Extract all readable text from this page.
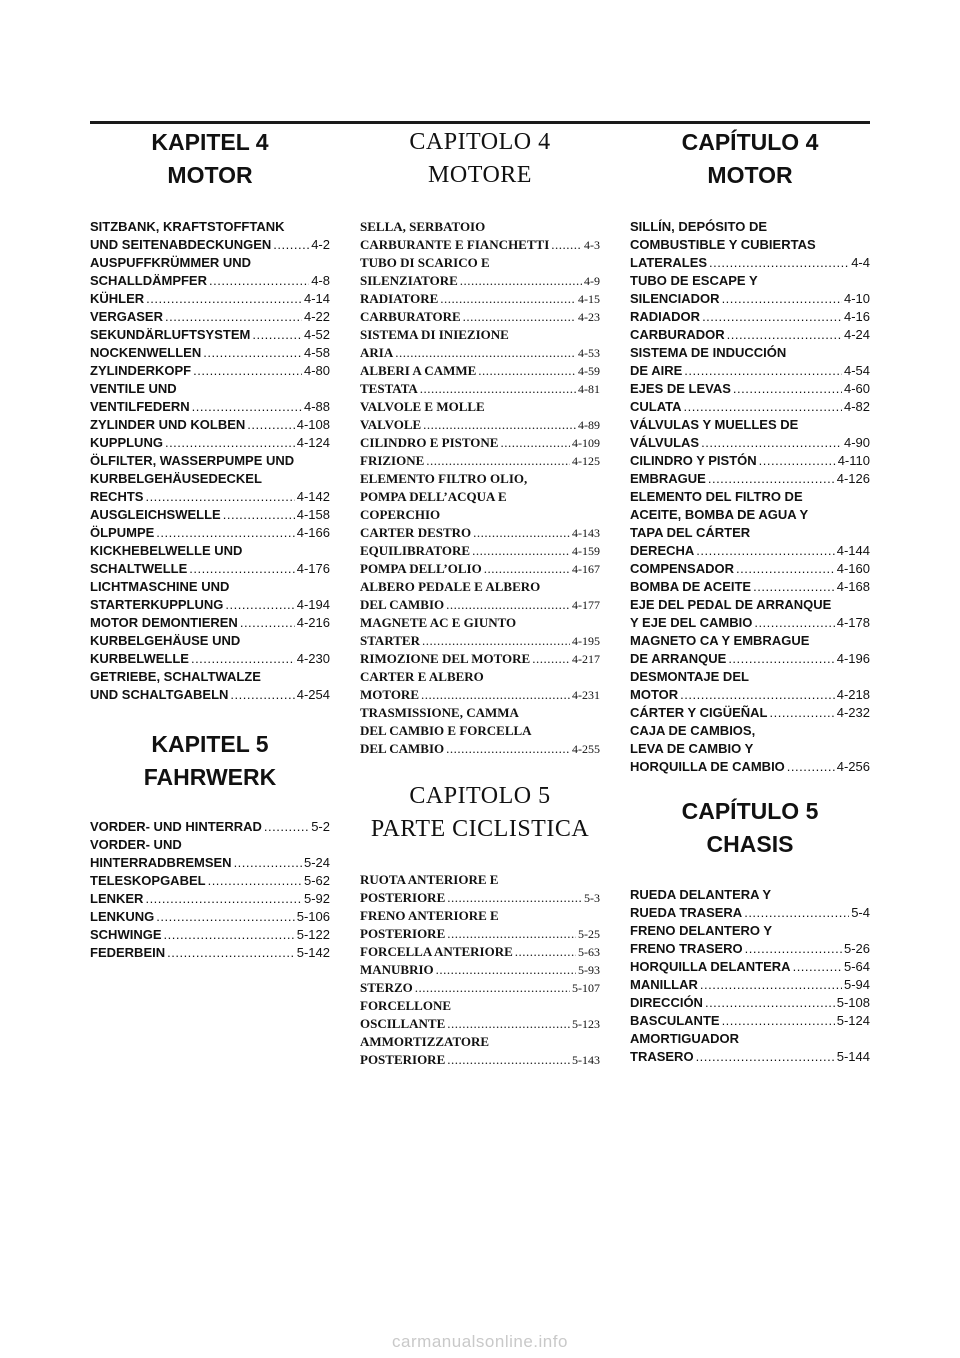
KAPITEL 4
MOTOR
SITZBANK, KRAFTSTOFFTANK
UND SEITENABDECKUNGEN .....	4-2
AUSPUFFKRÜMMER UND
SCHALLDÄMPFER .....	4-8
KÜHLER .....	4-14
VERGASER .....	4-22
SEKUNDÄRLUFTSYSTEM .....	4-52
NOCKENWELLEN .....	4-58
ZYLINDERKOPF .....	4-80
VENTILE UND
VENTILFEDERN .....	4-88
ZYLINDER UND KOLBEN .....	4-108
KUPPLUNG .....	4-124
ÖLFILTER, WASSERPUMPE UND
KURBELGEHÄUSEDECKEL
RECHTS .....	4-142
AUSGLEICHSWELLE .....	4-158
ÖLPUMPE .....	4-166
KICKHEBELWELLE UND
SCHALTWELLE .....	4-176
LICHTMASCHINE UND
STARTERKUPPLUNG .....	4-194
MOTOR DEMONTIEREN .....	4-216
KURBELGEHÄUSE UND
KURBELWELLE .....	4-230
GETRIEBE, SCHALTWALZE
UND SCHALTGABELN .....	4-254
KAPITEL 5
FAHRWERK
VORDER- UND HINTERRAD .....	5-2
VORDER- UND
HINTERRADBREMSEN .....	5-24
TELESKOPGABEL .....	5-62
LENKER .....	5-92
LENKUNG .....	5-106
SCHWINGE .....	5-122
FEDERBEIN .....	5-142
CAPITOLO 4
MOTORE
SELLA, SERBATOIO
CARBURANTE E FIANCHETTI .....	4-3
TUBO DI SCARICO E
SILENZIATORE .....	4-9
RADIATORE .....	4-15
CARBURATORE .....	4-23
SISTEMA DI INIEZIONE
ARIA .....	4-53
ALBERI A CAMME .....	4-59
TESTATA .....	4-81
VALVOLE E MOLLE
VALVOLE .....	4-89
CILINDRO E PISTONE .....	4-109
FRIZIONE .....	4-125
ELEMENTO FILTRO OLIO,
POMPA DELL’ACQUA E
COPERCHIO
CARTER DESTRO .....	4-143
EQUILIBRATORE .....	4-159
POMPA DELL’OLIO .....	4-167
ALBERO PEDALE E ALBERO
DEL CAMBIO .....	4-177
MAGNETE AC E GIUNTO
STARTER .....	4-195
RIMOZIONE DEL MOTORE .....	4-217
CARTER E ALBERO
MOTORE .....	4-231
TRASMISSIONE, CAMMA
DEL CAMBIO E FORCELLA
DEL CAMBIO .....	4-255
CAPITOLO 5
PARTE CICLISTICA
RUOTA ANTERIORE E
POSTERIORE .....	5-3
FRENO ANTERIORE E
POSTERIORE .....	5-25
FORCELLA ANTERIORE .....	5-63
MANUBRIO .....	5-93
STERZO .....	5-107
FORCELLONE
OSCILLANTE .....	5-123
AMMORTIZZATORE
POSTERIORE .....	5-143
CAPÍTULO 4
MOTOR
SILLÍN, DEPÓSITO DE
COMBUSTIBLE Y CUBIERTAS
LATERALES .....	4-4
TUBO DE ESCAPE Y
SILENCIADOR .....	4-10
RADIADOR .....	4-16
CARBURADOR .....	4-24
SISTEMA DE INDUCCIÓN
DE AIRE .....	4-54
EJES DE LEVAS .....	4-60
CULATA .....	4-82
VÁLVULAS Y MUELLES DE
VÁLVULAS .....	4-90
CILINDRO Y PISTÓN .....	4-110
EMBRAGUE .....	4-126
ELEMENTO DEL FILTRO DE
ACEITE, BOMBA DE AGUA Y
TAPA DEL CÁRTER
DERECHA .....	4-144
COMPENSADOR .....	4-160
BOMBA DE ACEITE .....	4-168
EJE DEL PEDAL DE ARRANQUE
Y EJE DEL CAMBIO .....	4-178
MAGNETO CA Y EMBRAGUE
DE ARRANQUE .....	4-196
DESMONTAJE DEL
MOTOR .....	4-218
CÁRTER Y CIGÜEÑAL .....	4-232
CAJA DE CAMBIOS,
LEVA DE CAMBIO Y
HORQUILLA DE CAMBIO .....	4-256
CAPÍTULO 5
CHASIS
RUEDA DELANTERA Y
RUEDA TRASERA .....	5-4
FRENO DELANTERO Y
FRENO TRASERO .....	5-26
HORQUILLA DELANTERA .....	5-64
MANILLAR .....	5-94
DIRECCIÓN .....	5-108
BASCULANTE .....	5-124
AMORTIGUADOR
TRASERO .....	5-144
carmanualsonline.info
